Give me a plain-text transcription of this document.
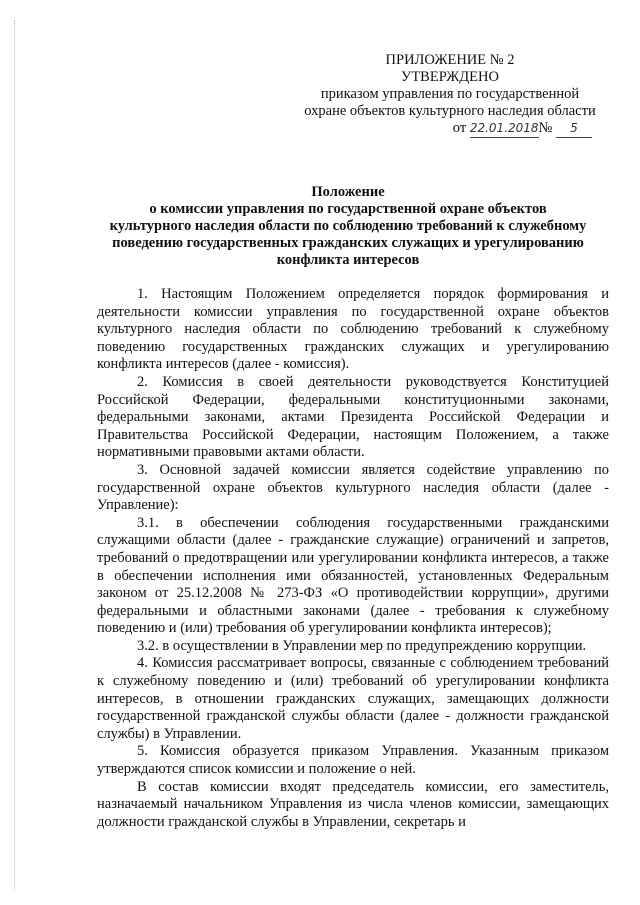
ПРИЛОЖЕНИЕ № 2
УТВЕРЖДЕНО
приказом управления по государственной
охране объектов культурного наследия области
от 22.01.2018№ 5
Положение
о комиссии управления по государственной охране объектов
культурного наследия области по соблюдению требований к служебному
поведению государственных гражданских служащих и урегулированию
конфликта интересов

1. Настоящим Положением определяется порядок формирования и деятельности комиссии управления по государственной охране объектов культурного наследия области по соблюдению требований к служебному поведению государственных гражданских служащих и урегулированию конфликта интересов (далее - комиссия).

2. Комиссия в своей деятельности руководствуется Конституцией Российской Федерации, федеральными конституционными законами, федеральными законами, актами Президента Российской Федерации и Правительства Российской Федерации, настоящим Положением, а также нормативными правовыми актами области.

3. Основной задачей комиссии является содействие управлению по государственной охране объектов культурного наследия области (далее - Управление):

3.1. в обеспечении соблюдения государственными гражданскими служащими области (далее - гражданские служащие) ограничений и запретов, требований о предотвращении или урегулировании конфликта интересов, а также в обеспечении исполнения ими обязанностей, установленных Федеральным законом от 25.12.2008 № 273-ФЗ «О противодействии коррупции», другими федеральными и областными законами (далее - требования к служебному поведению и (или) требования об урегулировании конфликта интересов);

3.2. в осуществлении в Управлении мер по предупреждению коррупции.

4. Комиссия рассматривает вопросы, связанные с соблюдением требований к служебному поведению и (или) требований об урегулировании конфликта интересов, в отношении гражданских служащих, замещающих должности государственной гражданской службы области (далее - должности гражданской службы) в Управлении.

5. Комиссия образуется приказом Управления. Указанным приказом утверждаются список комиссии и положение о ней.

В состав комиссии входят председатель комиссии, его заместитель, назначаемый начальником Управления из числа членов комиссии, замещающих должности гражданской службы в Управлении, секретарь и
